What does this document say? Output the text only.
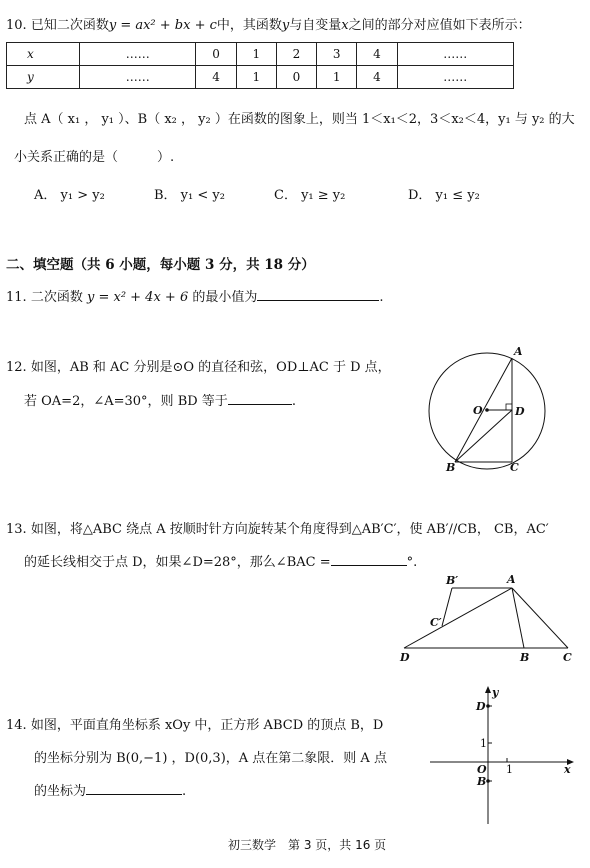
10. 已知二次函数y = ax² + bx + c中，其函数y与自变量x之间的部分对应值如下表所示：
x	……	0	1	2	3	4	……
y	……	4	1	0	1	4	……
点 A（ x₁ ， y₁ ）、B（ x₂ ， y₂ ）在函数的图象上，则当 1＜x₁＜2，3＜x₂＜4，y₁ 与 y₂ 的大
小关系正确的是（　　　）.
A． y₁ > y₂	B． y₁ < y₂	C． y₁ ≥ y₂	D． y₁ ≤ y₂
二、填空题（共 6 小题，每小题 3 分，共 18 分）
11. 二次函数 y = x² + 4x + 6 的最小值为	.
12. 如图，AB 和 AC 分别是⊙O 的直径和弦，OD⊥AC 于 D 点，
若 OA=2，∠A=30°，则 BD 等于	.
A
O	D
B	C
13. 如图，将△ABC 绕点 A 按顺时针方向旋转某个角度得到△AB′C′，使 AB′//CB， CB，AC′
的延长线相交于点 D，如果∠D=28°，那么∠BAC =	°.
B′	A
C′
D	B	C
14. 如图，平面直角坐标系 xOy 中，正方形 ABCD 的顶点 B，D
的坐标分别为 B(0,−1) ，D(0,3)，A 点在第二象限．则 A 点
的坐标为	.
y
D
1
O 1	x
B
初三数学　第 3 页，共 16 页
